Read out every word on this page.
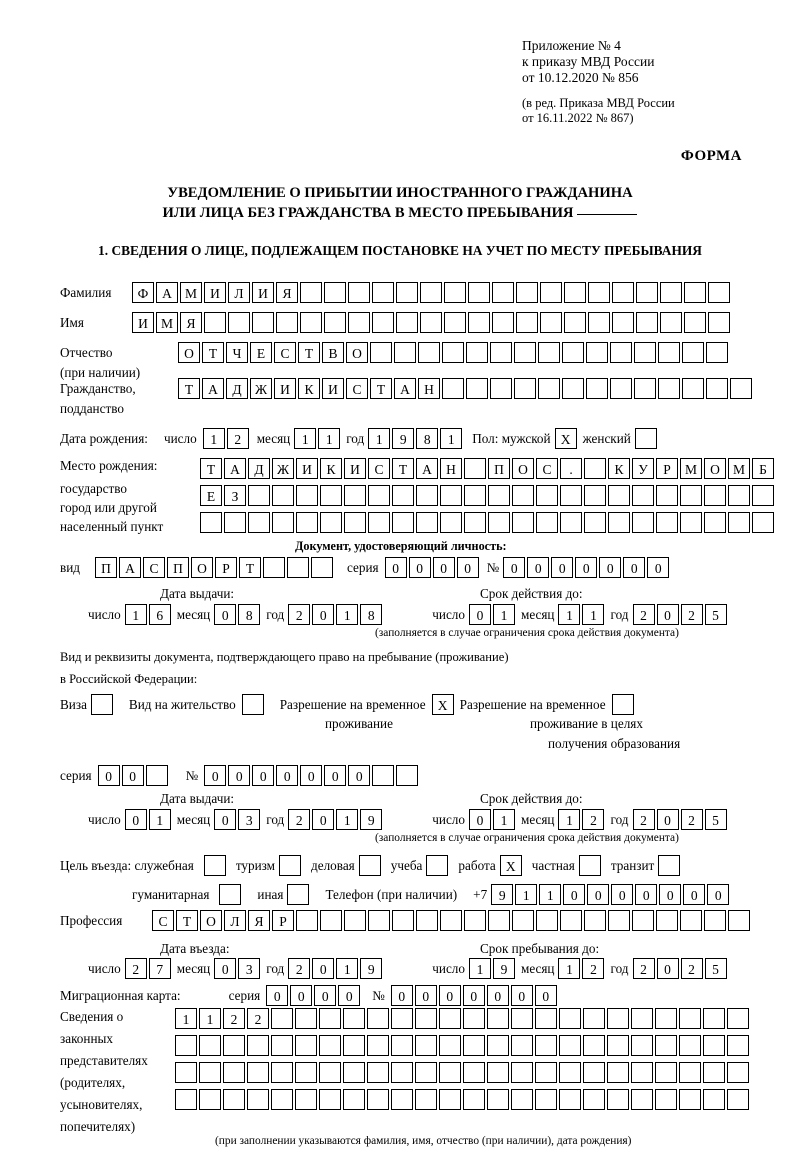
Приложение № 4
к приказу МВД России
от 10.12.2020 № 856
(в ред. Приказа МВД России
от 16.11.2022 № 867)
ФОРМА
УВЕДОМЛЕНИЕ О ПРИБЫТИИ ИНОСТРАННОГО ГРАЖДАНИНА
ИЛИ ЛИЦА БЕЗ ГРАЖДАНСТВА В МЕСТО ПРЕБЫВАНИЯ
1. СВЕДЕНИЯ О ЛИЦЕ, ПОДЛЕЖАЩЕМ ПОСТАНОВКЕ НА УЧЕТ ПО МЕСТУ ПРЕБЫВАНИЯ
Фамилия	Ф	А М И	Л	И	Я
Имя	И М Я
Отчество	О	Т	Ч	Е	С	Т	В	О
(при наличии)
Гражданство,	Т	А	Д Ж И	К	И	С	Т	А	Н
подданство
Дата рождения: число	1	2	месяц 1	1	год 1	9	8	1	Пол: мужской X женский
Место рождения:	Т	А	Д Ж И	К	И	С	Т	А	Н	П	О	С	.	К	У	Р	М О М	Б
государство
Е	З
город или другой
населенный пункт
Документ, удостоверяющий личность:
вид	П	А	С	П	О	Р	Т	серия	0	0	0	0	№ 0	0	0	0	0	0	0
Дата выдачи:	Срок действия до:
число 1	6	месяц 0	8	год 2	0	1	8	число 0	1	месяц 1	1	год 2	0	2	5
(заполняется в случае ограничения срока действия документа)
Вид и реквизиты документа, подтверждающего право на пребывание (проживание)
в Российской Федерации:
Виза	Вид на жительство	Разрешение на временное X Разрешение на временное
проживание	проживание в целях
получения образования
серия	0	0	№	0	0	0	0	0	0	0
Дата выдачи:	Срок действия до:
число 0	1	месяц 0	3	год 2	0	1	9	число 0	1	месяц 1	2	год 2	0	2	5
(заполняется в случае ограничения срока действия документа)
Цель въезда: служебная	туризм	деловая	учеба	работа X	частная	транзит
гуманитарная	иная	Телефон (при наличии) +7 9	1	1	0	0	0	0	0	0	0
Профессия	С	Т	О	Л	Я	Р
Дата въезда:	Срок пребывания до:
число 2	7	месяц 0	3	год 2	0	1	9	число 1	9	месяц 1	2	год 2	0	2	5
Миграционная карта:	серия	0	0	0	0	№	0	0	0	0	0	0	0
Сведения о
законных
представителях
(родителях,
усыновителях,
попечителях)
1	1	2	2
(при заполнении указываются фамилия, имя, отчество (при наличии), дата рождения)
